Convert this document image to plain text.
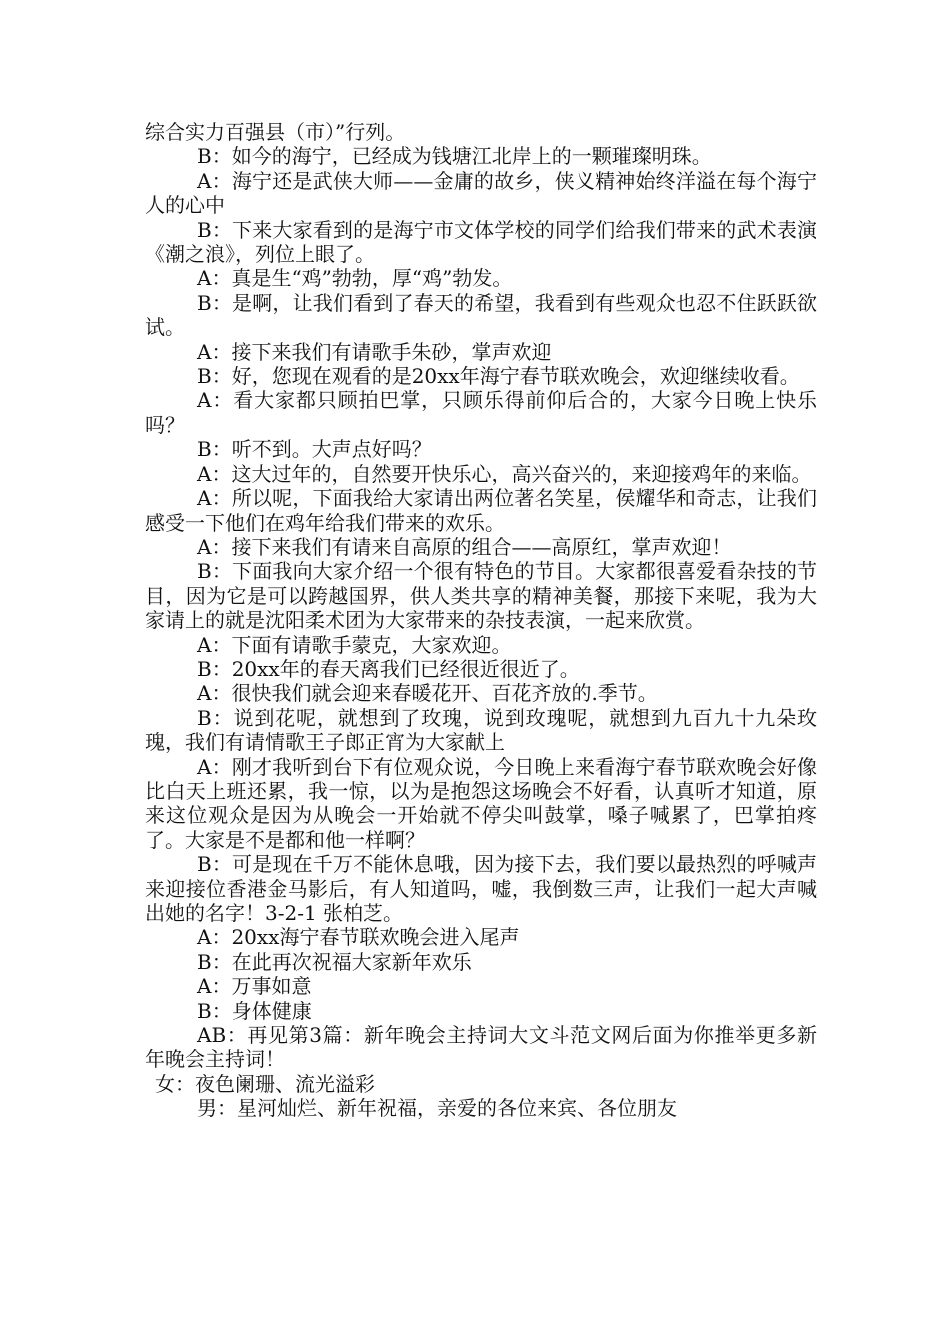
综合实力百强县（市）”行列。

B：如今的海宁，已经成为钱塘江北岸上的一颗璀璨明珠。

A：海宁还是武侠大师——金庸的故乡，侠义精神始终洋溢在每个海宁人的心中

B：下来大家看到的是海宁市文体学校的同学们给我们带来的武术表演《潮之浪》，列位上眼了。

A：真是生“鸡”勃勃，厚“鸡”勃发。

B：是啊，让我们看到了春天的希望，我看到有些观众也忍不住跃跃欲试。

A：接下来我们有请歌手朱砂，掌声欢迎

B：好，您现在观看的是20xx年海宁春节联欢晚会，欢迎继续收看。

A：看大家都只顾拍巴掌，只顾乐得前仰后合的，大家今日晚上快乐吗？

B：听不到。大声点好吗？

A：这大过年的，自然要开快乐心，高兴奋兴的，来迎接鸡年的来临。

A：所以呢，下面我给大家请出两位著名笑星，侯耀华和奇志，让我们感受一下他们在鸡年给我们带来的欢乐。

A：接下来我们有请来自高原的组合——高原红，掌声欢迎！

B：下面我向大家介绍一个很有特色的节目。大家都很喜爱看杂技的节目，因为它是可以跨越国界，供人类共享的精神美餐，那接下来呢，我为大家请上的就是沈阳柔术团为大家带来的杂技表演，一起来欣赏。

A：下面有请歌手蒙克，大家欢迎。

B：20xx年的春天离我们已经很近很近了。

A：很快我们就会迎来春暖花开、百花齐放的.季节。

B：说到花呢，就想到了玫瑰，说到玫瑰呢，就想到九百九十九朵玫瑰，我们有请情歌王子郎正宵为大家献上

A：刚才我听到台下有位观众说，今日晚上来看海宁春节联欢晚会好像比白天上班还累，我一惊，以为是抱怨这场晚会不好看，认真听才知道，原来这位观众是因为从晚会一开始就不停尖叫鼓掌，嗓子喊累了，巴掌拍疼了。大家是不是都和他一样啊？

B：可是现在千万不能休息哦，因为接下去，我们要以最热烈的呼喊声来迎接位香港金马影后，有人知道吗，嘘，我倒数三声，让我们一起大声喊出她的名字！3-2-1 张柏芝。

A：20xx海宁春节联欢晚会进入尾声

B：在此再次祝福大家新年欢乐

A：万事如意

B：身体健康

AB：再见第3篇：新年晚会主持词大文斗范文网后面为你推举更多新年晚会主持词！

女：夜色阑珊、流光溢彩

男：星河灿烂、新年祝福，亲爱的各位来宾、各位朋友
